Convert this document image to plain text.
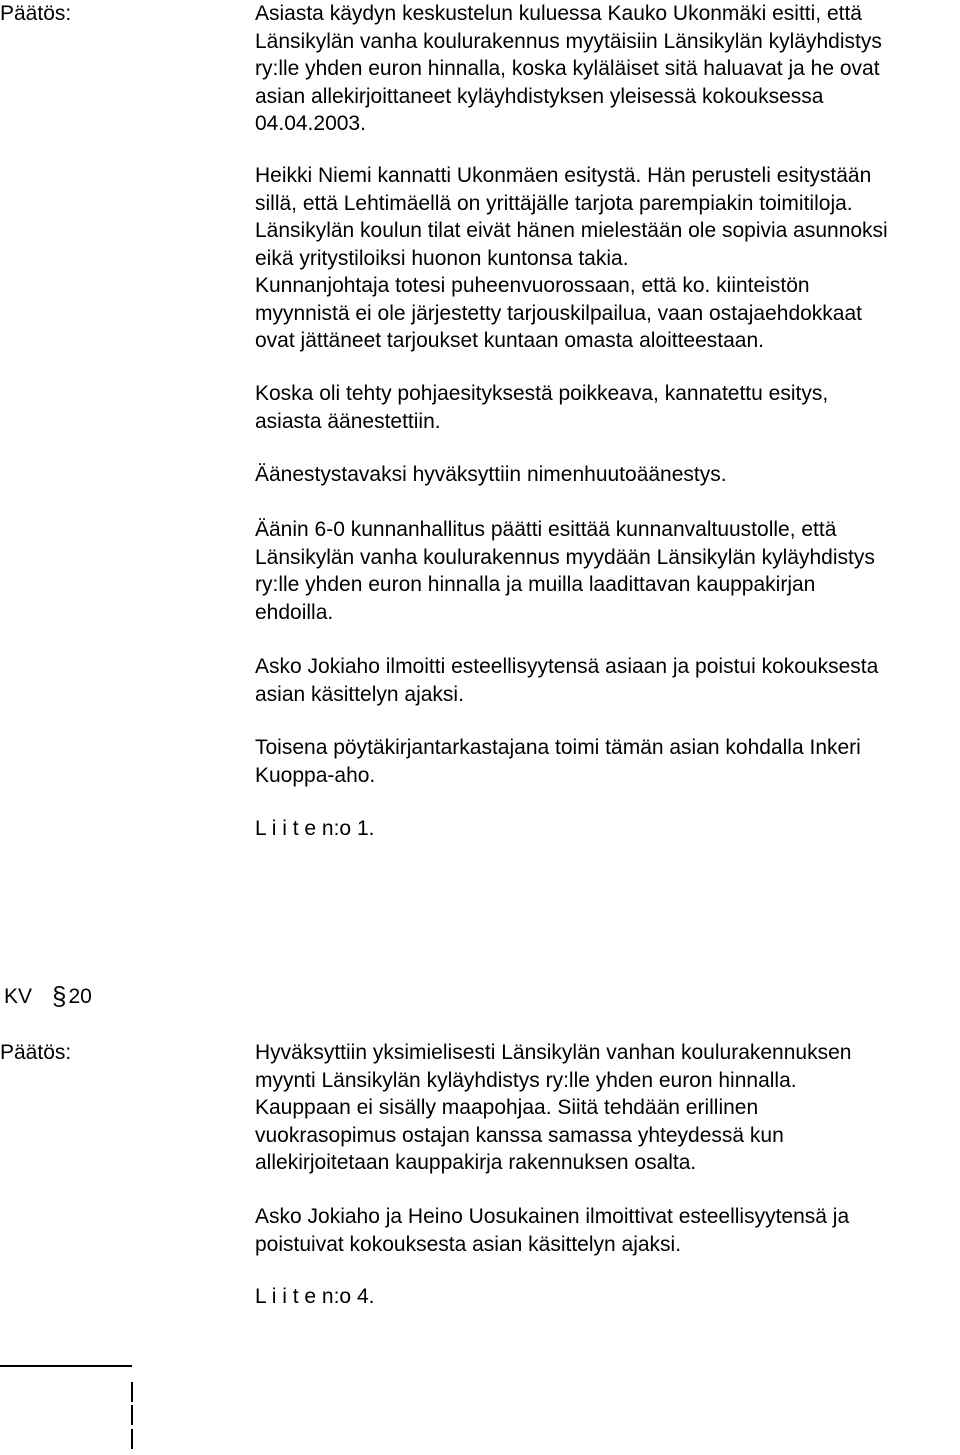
Päätös:	Asiasta käydyn keskustelun kuluessa Kauko Ukonmäki esitti, että
Länsikylän vanha koulurakennus myytäisiin Länsikylän kyläyhdistys
ry:lle yhden euron hinnalla, koska kyläläiset sitä haluavat ja he ovat
asian allekirjoittaneet kyläyhdistyksen yleisessä kokouksessa
04.04.2003.

Heikki Niemi kannatti Ukonmäen esitystä. Hän perusteli esitystään
sillä, että Lehtimäellä on yrittäjälle tarjota parempiakin toimitiloja.
Länsikylän koulun tilat eivät hänen mielestään ole sopivia asunnoksi
eikä yritystiloiksi huonon kuntonsa takia.
Kunnanjohtaja totesi puheenvuorossaan, että ko. kiinteistön
myynnistä ei ole järjestetty tarjouskilpailua, vaan ostajaehdokkaat
ovat jättäneet tarjoukset kuntaan omasta aloitteestaan.

Koska oli tehty pohjaesityksestä poikkeava, kannatettu esitys,
asiasta äänestettiin.

Äänestystavaksi hyväksyttiin nimenhuutoäänestys.

Äänin 6-0 kunnanhallitus päätti esittää kunnanvaltuustolle, että
Länsikylän vanha koulurakennus myydään Länsikylän kyläyhdistys
ry:lle yhden euron hinnalla ja muilla laadittavan kauppakirjan
ehdoilla.

Asko Jokiaho ilmoitti esteellisyytensä asiaan ja poistui kokouksesta
asian käsittelyn ajaksi.

Toisena pöytäkirjantarkastajana toimi tämän asian kohdalla Inkeri
Kuoppa-aho.

L i i t e n:o 1.

KV §20
Päätös:	Hyväksyttiin yksimielisesti Länsikylän vanhan koulurakennuksen
myynti Länsikylän kyläyhdistys ry:lle yhden euron hinnalla.
Kauppaan ei sisälly maapohjaa. Siitä tehdään erillinen
vuokrasopimus ostajan kanssa samassa yhteydessä kun
allekirjoitetaan kauppakirja rakennuksen osalta.

Asko Jokiaho ja Heino Uosukainen ilmoittivat esteellisyytensä ja
poistuivat kokouksesta asian käsittelyn ajaksi.

L i i t e n:o 4.
